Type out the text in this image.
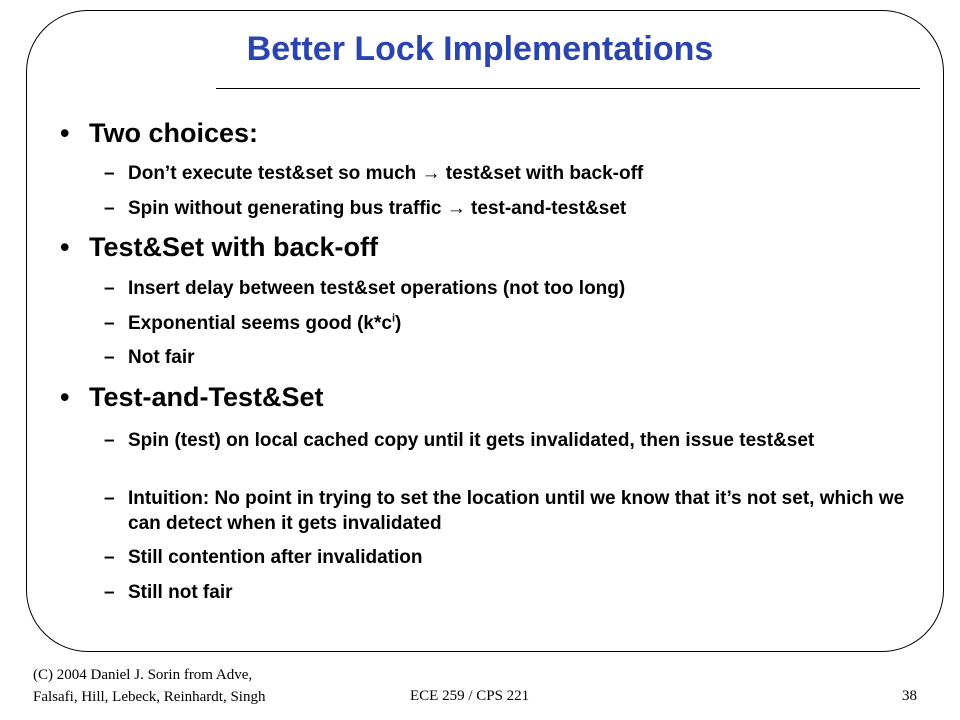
Better Lock Implementations
• Two choices:
– Don’t execute test&set so much → test&set with back-off
– Spin without generating bus traffic → test-and-test&set
• Test&Set with back-off
– Insert delay between test&set operations (not too long)
– Exponential seems good $(k*c^i)$
– Not fair
• Test-and-Test&Set
– Spin (test) on local cached copy until it gets invalidated, then issue test&set
– Intuition: No point in trying to set the location until we know that it’s not set, which we can detect when it gets invalidated
– Still contention after invalidation
– Still not fair
(C) 2004 Daniel J. Sorin from Adve,
Falsafi, Hill, Lebeck, Reinhardt, Singh	ECE 259 / CPS 221	38
